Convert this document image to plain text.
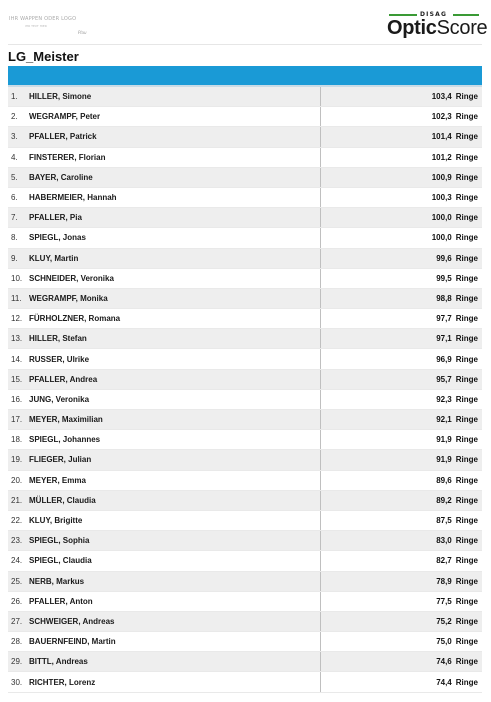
IHR WAPPEN ODER LOGO
IHR TEXT HIER
Plau
DISAG
OpticScore
LG_Meister
1.	HILLER, Simone	103,4 Ringe
2.	WEGRAMPF, Peter	102,3 Ringe
3.	PFALLER, Patrick	101,4 Ringe
4.	FINSTERER, Florian	101,2 Ringe
5.	BAYER, Caroline	100,9 Ringe
6.	HABERMEIER, Hannah	100,3 Ringe
7.	PFALLER, Pia	100,0 Ringe
8.	SPIEGL, Jonas	100,0 Ringe
9.	KLUY, Martin	99,6 Ringe
10. SCHNEIDER, Veronika	99,5 Ringe
11. WEGRAMPF, Monika	98,8 Ringe
12. FÜRHOLZNER, Romana	97,7 Ringe
13. HILLER, Stefan	97,1 Ringe
14. RUSSER, Ulrike	96,9 Ringe
15. PFALLER, Andrea	95,7 Ringe
16. JUNG, Veronika	92,3 Ringe
17. MEYER, Maximilian	92,1 Ringe
18. SPIEGL, Johannes	91,9 Ringe
19. FLIEGER, Julian	91,9 Ringe
20. MEYER, Emma	89,6 Ringe
21. MÜLLER, Claudia	89,2 Ringe
22. KLUY, Brigitte	87,5 Ringe
23. SPIEGL, Sophia	83,0 Ringe
24. SPIEGL, Claudia	82,7 Ringe
25. NERB, Markus	78,9 Ringe
26. PFALLER, Anton	77,5 Ringe
27. SCHWEIGER, Andreas	75,2 Ringe
28. BAUERNFEIND, Martin	75,0 Ringe
29. BITTL, Andreas	74,6 Ringe
30. RICHTER, Lorenz	74,4 Ringe
